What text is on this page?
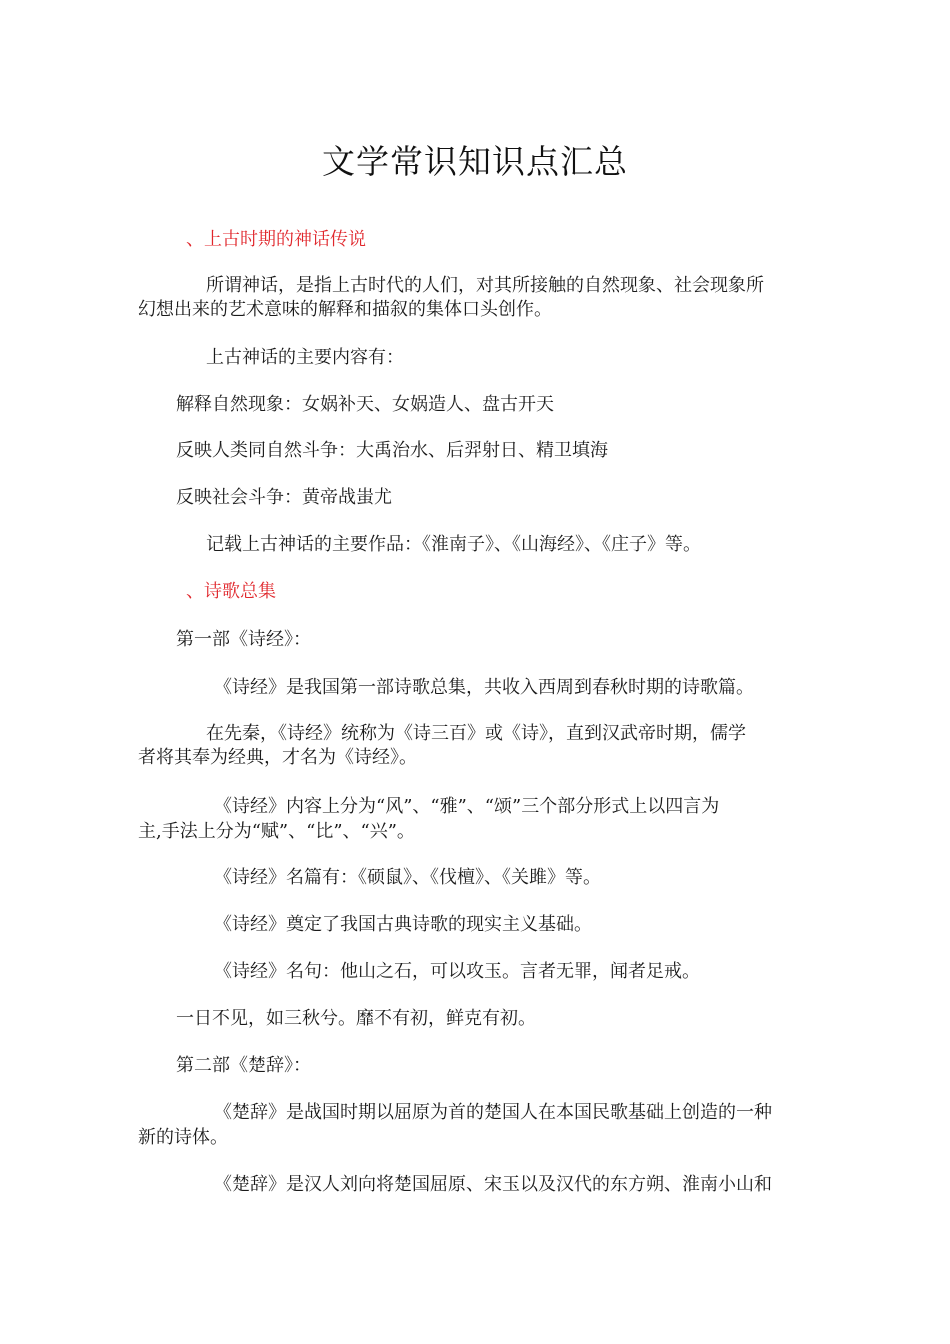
文学常识知识点汇总
、上古时期的神话传说
所谓神话，是指上古时代的人们，对其所接触的自然现象、社会现象所
幻想出来的艺术意味的解释和描叙的集体口头创作。
上古神话的主要内容有：
解释自然现象：女娲补天、女娲造人、盘古开天
反映人类同自然斗争：大禹治水、后羿射日、精卫填海
反映社会斗争：黄帝战蚩尤
记载上古神话的主要作品：《淮南子》、《山海经》、《庄子》等。
、诗歌总集
第一部《诗经》：
《诗经》是我国第一部诗歌总集，共收入西周到春秋时期的诗歌篇。
在先秦，《诗经》统称为《诗三百》或《诗》，直到汉武帝时期，儒学
者将其奉为经典，才名为《诗经》。
《诗经》内容上分为“风”、“雅”、“颂”三个部分形式上以四言为
主,手法上分为“赋”、“比”、“兴”。
《诗经》名篇有：《硕鼠》、《伐檀》、《关雎》等。
《诗经》奠定了我国古典诗歌的现实主义基础。
《诗经》名句：他山之石，可以攻玉。言者无罪，闻者足戒。
一日不见，如三秋兮。靡不有初，鲜克有初。
第二部《楚辞》：
《楚辞》是战国时期以屈原为首的楚国人在本国民歌基础上创造的一种
新的诗体。
《楚辞》是汉人刘向将楚国屈原、宋玉以及汉代的东方朔、淮南小山和
